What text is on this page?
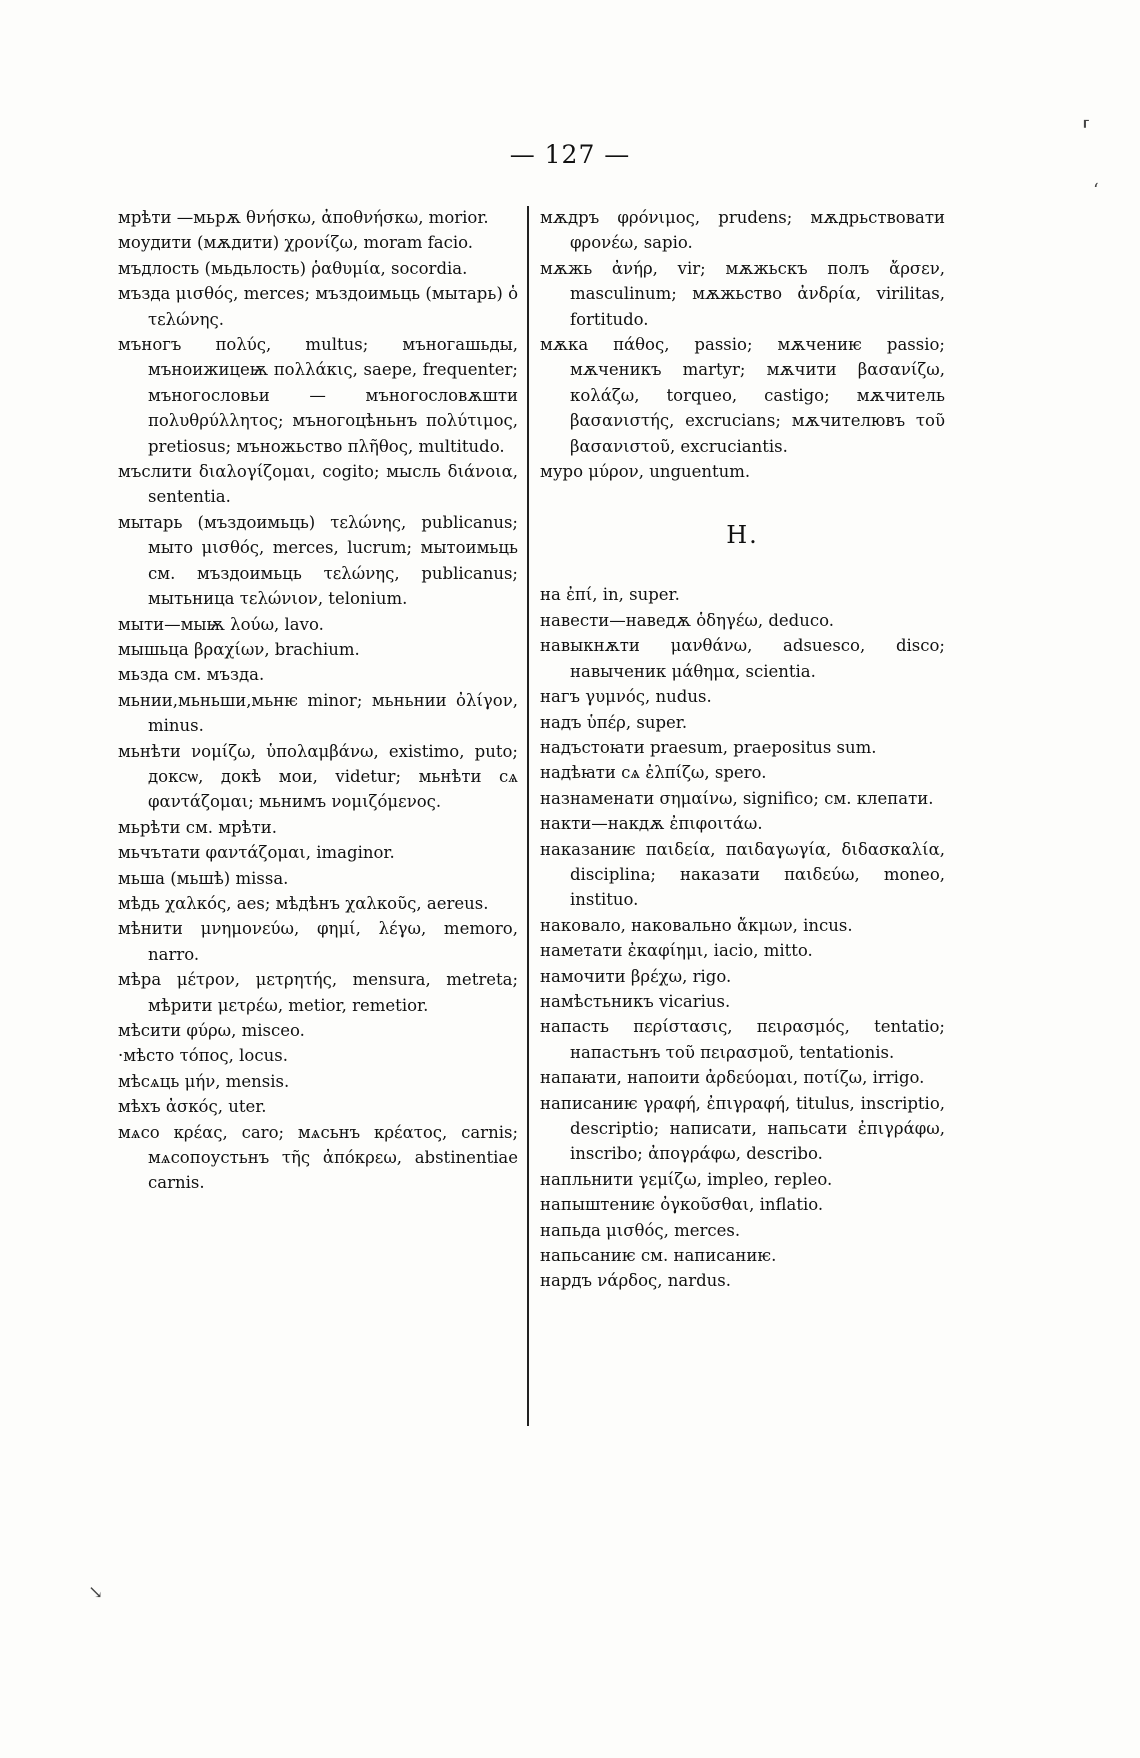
— 127 —

мрѣти —мьрѫ θνήσκω, ἀποθνήσκω, morior.

моудити (мѫдити) χρονίζω, moram facio.

мъдлость (мьдьлость) ῥαθυμία, socordia.

мъзда μισθός, merces; мъздоимьць (мытарь) ὁ τελώνης.

мъногъ πολύς, multus; мъногашьды, мъноижицеѭ πολλάκις, saepe, frequenter; мъногословьи — мъногословѫшти πολυθρύλλητος; мъногоцѣньнъ πολύτιμος, pretiosus; мъножьство πλῆθος, multitudo.

мъслити διαλογίζομαι, cogito; мысль διάνοια, sententia.

мытарь (мъздоимьць) τελώνης, publicanus; мыто μισθός, merces, lucrum; мытоимьць см. мъздоимьць τελώνης, publicanus; мытьница τελώνιον, telonium.

мыти—мыѭ λούω, lavo.

мышьца βραχίων, brachium.

мьзда см. мъзда.

мьнии,мьньши,мьнѥ minor; мьньнии ὀλίγον, minus.

мьнѣти νομίζω, ὑπολαμβάνω, existimo, puto; доксѡ, докѣ мои, videtur; мьнѣти сѧ φαντάζομαι; мьнимъ νομιζόμενος.

мьрѣти см. мрѣти.

мьчътати φαντάζομαι, imaginor.

мьша (мьшѣ) missa.

мѣдь χαλκός, aes; мѣдѣнъ χαλκοῦς, aereus.

мѣнити μνημονεύω, φημί, λέγω, memoro, narro.

мѣра μέτρον, μετρητής, mensura, metreta; мѣрити μετρέω, metior, remetior.

мѣсити φύρω, misceo.

·мѣсто τόπος, locus.

мѣсѧць μήν, mensis.

мѣхъ ἀσκός, uter.

мѧсо κρέας, caro; мѧсьнъ κρέατος, carnis; мѧсопоустьнъ τῆς ἀπόκρεω, abstinentiae carnis.

мѫдръ φρόνιμος, prudens; мѫдрьствовати φρονέω, sapio.

мѫжь ἀνήρ, vir; мѫжьскъ полъ ἄρσεν, masculinum; мѫжьство ἀνδρία, virilitas, fortitudo.

мѫка πάθος, passio; мѫчениѥ passio; мѫченикъ martyr; мѫчити βασανίζω, κολάζω, torqueo, castigo; мѫчитель βασανιστής, excrucians; мѫчителювъ τοῦ βασανιστοῦ, excruciantis.

муро μύρον, unguentum.

Н.

на ἐπί, in, super.

навести—наведѫ ὁδηγέω, deduco.

навыкнѫти μανθάνω, adsuesco, disco; навыченик μάθημα, scientia.

нагъ γυμνός, nudus.

надъ ὑπέρ, super.

надъстоꙗти praesum, praepositus sum.

надѣꙗти сѧ ἐλπίζω, spero.

назнаменати σημαίνω, significo; см. клепати.

накти—накдѫ ἐπιφοιτάω.

наказаниѥ παιδεία, παιδαγωγία, διδασκαλία, disciplina; наказати παιδεύω, moneo, instituo.

наковало, наковально ἄκμων, incus.

наметати ἐκαφίημι, iacio, mitto.

намочити βρέχω, rigo.

намѣстьникъ vicarius.

напасть περίστασις, πειρασμός, tentatio; напастьнъ τοῦ πειρασμοῦ, tentationis.

напаꙗти, напоити ἀρδεύομαι, ποτίζω, irrigo.

написаниѥ γραφή, ἐπιγραφή, titulus, inscriptio, descriptio; написати, напьсати ἐπιγράφω, inscribo; ἀπογράφω, describo.

напльнити γεμίζω, impleo, repleo.

напыштениѥ ὀγκοῦσθαι, inflatio.

напьда μισθός, merces.

напьсаниѥ см. написаниѥ.

нардъ νάρδος, nardus.

⸢
ʻ
↘
